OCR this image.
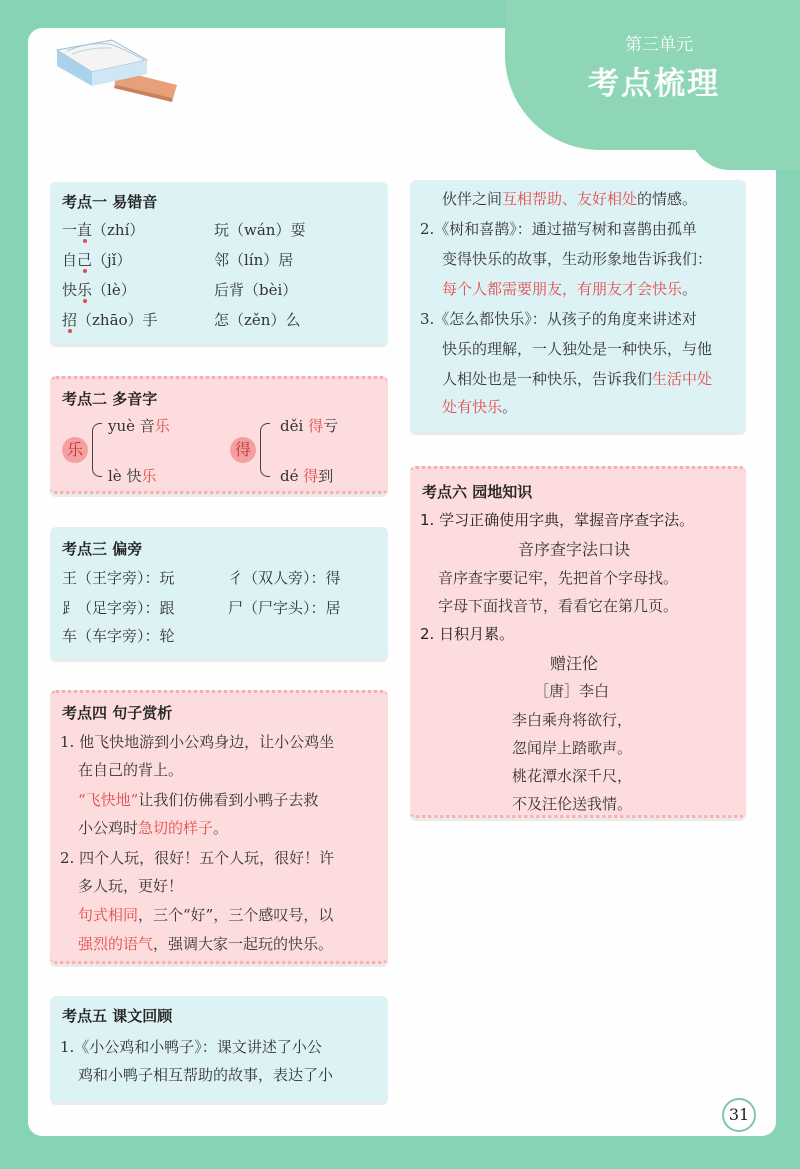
第三单元
考点梳理
考点一 易错音
一直（zhí）	玩（wán）耍
自己（jǐ）	邻（lín）居
快乐（lè）	后背（bèi）
招（zhāo）手	怎（zěn）么
考点二 多音字
乐
yuè 音乐
lè 快乐
得
děi 得亏
dé 得到
考点三 偏旁
王（王字旁）：玩	彳（双人旁）：得
⻊（足字旁）：跟	尸（尸字头）：居
车（车字旁）：轮
考点四 句子赏析
1. 他飞快地游到小公鸡身边，让小公鸡坐
在自己的背上。
“飞快地”让我们仿佛看到小鸭子去救
小公鸡时急切的样子。
2. 四个人玩，很好！五个人玩，很好！许
多人玩，更好！
句式相同，三个“好”，三个感叹号，以
强烈的语气，强调大家一起玩的快乐。
考点五 课文回顾
1.《小公鸡和小鸭子》：课文讲述了小公
鸡和小鸭子相互帮助的故事，表达了小
伙伴之间互相帮助、友好相处的情感。
2.《树和喜鹊》：通过描写树和喜鹊由孤单
变得快乐的故事，生动形象地告诉我们：
每个人都需要朋友，有朋友才会快乐。
3.《怎么都快乐》：从孩子的角度来讲述对
快乐的理解，一人独处是一种快乐，与他
人相处也是一种快乐，告诉我们生活中处
处有快乐。
考点六 园地知识
1. 学习正确使用字典，掌握音序查字法。
音序查字法口诀
音序查字要记牢，先把首个字母找。
字母下面找音节，看看它在第几页。
2. 日积月累。
赠汪伦
［唐］李白
李白乘舟将欲行，
忽闻岸上踏歌声。
桃花潭水深千尺，
不及汪伦送我情。
31
